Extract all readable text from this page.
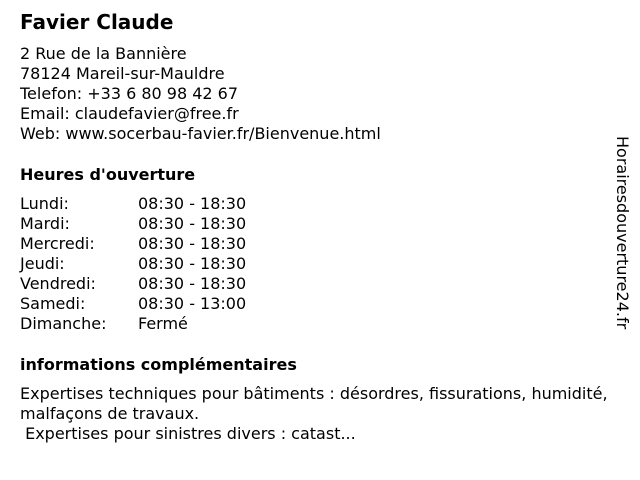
Favier Claude
2 Rue de la Bannière
78124 Mareil-sur-Mauldre
Telefon: +33 6 80 98 42 67
Email: claudefavier@free.fr
Web: www.socerbau-favier.fr/Bienvenue.html
Heures d'ouverture
Lundi:	08:30 - 18:30
Mardi:	08:30 - 18:30
Mercredi:	08:30 - 18:30
Jeudi:	08:30 - 18:30
Vendredi:	08:30 - 18:30
Samedi:	08:30 - 13:00
Dimanche:	Fermé
informations complémentaires
Expertises techniques pour bâtiments : désordres, fissurations, humidité, malfaçons de travaux.
Expertises pour sinistres divers : catast...
Horairesdouverture24.fr
